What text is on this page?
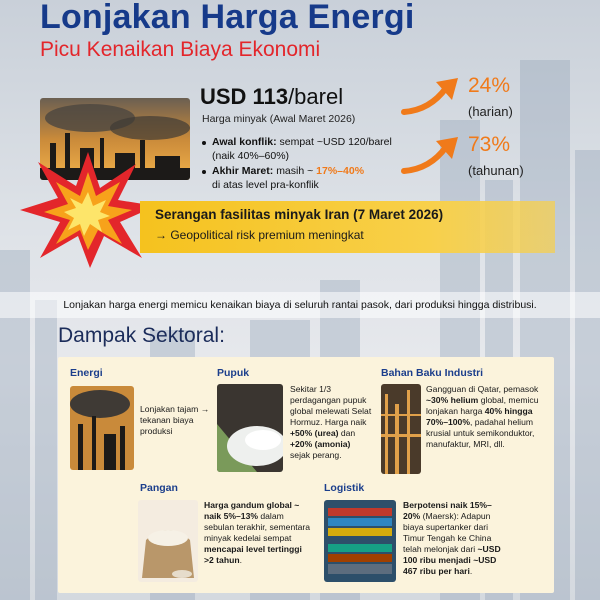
Lonjakan Harga Energi
Picu Kenaikan Biaya Ekonomi
USD 113/barel
Harga minyak (Awal Maret 2026)
Awal konflik: sempat ~USD 120/barel
(naik 40%–60%)
Akhir Maret: masih ~ 17%–40%
di atas level pra-konflik
24%
(harian)
73%
(tahunan)
Serangan fasilitas minyak Iran (7 Maret 2026)
→ Geopolitical risk premium meningkat
Lonjakan harga energi memicu kenaikan biaya di seluruh rantai pasok, dari produksi hingga distribusi.
Dampak Sektoral:
Energi
Lonjakan tajam → tekanan biaya produksi
Pupuk
Sekitar 1/3 perdagangan pupuk global melewati Selat Hormuz. Harga naik +50% (urea) dan +20% (amonia) sejak perang.
Bahan Baku Industri
Gangguan di Qatar, pemasok ~30% helium global, memicu lonjakan harga 40% hingga 70%–100%, padahal helium krusial untuk semikonduktor, manufaktur, MRI, dll.
Pangan
Harga gandum global ~ naik 5%–13% dalam sebulan terakhir, sementara minyak kedelai sempat mencapai level tertinggi >2 tahun.
Logistik
Berpotensi naik 15%–20% (Maersk): Adapun biaya supertanker dari Timur Tengah ke China telah melonjak dari ~USD 100 ribu menjadi ~USD 467 ribu per hari.
